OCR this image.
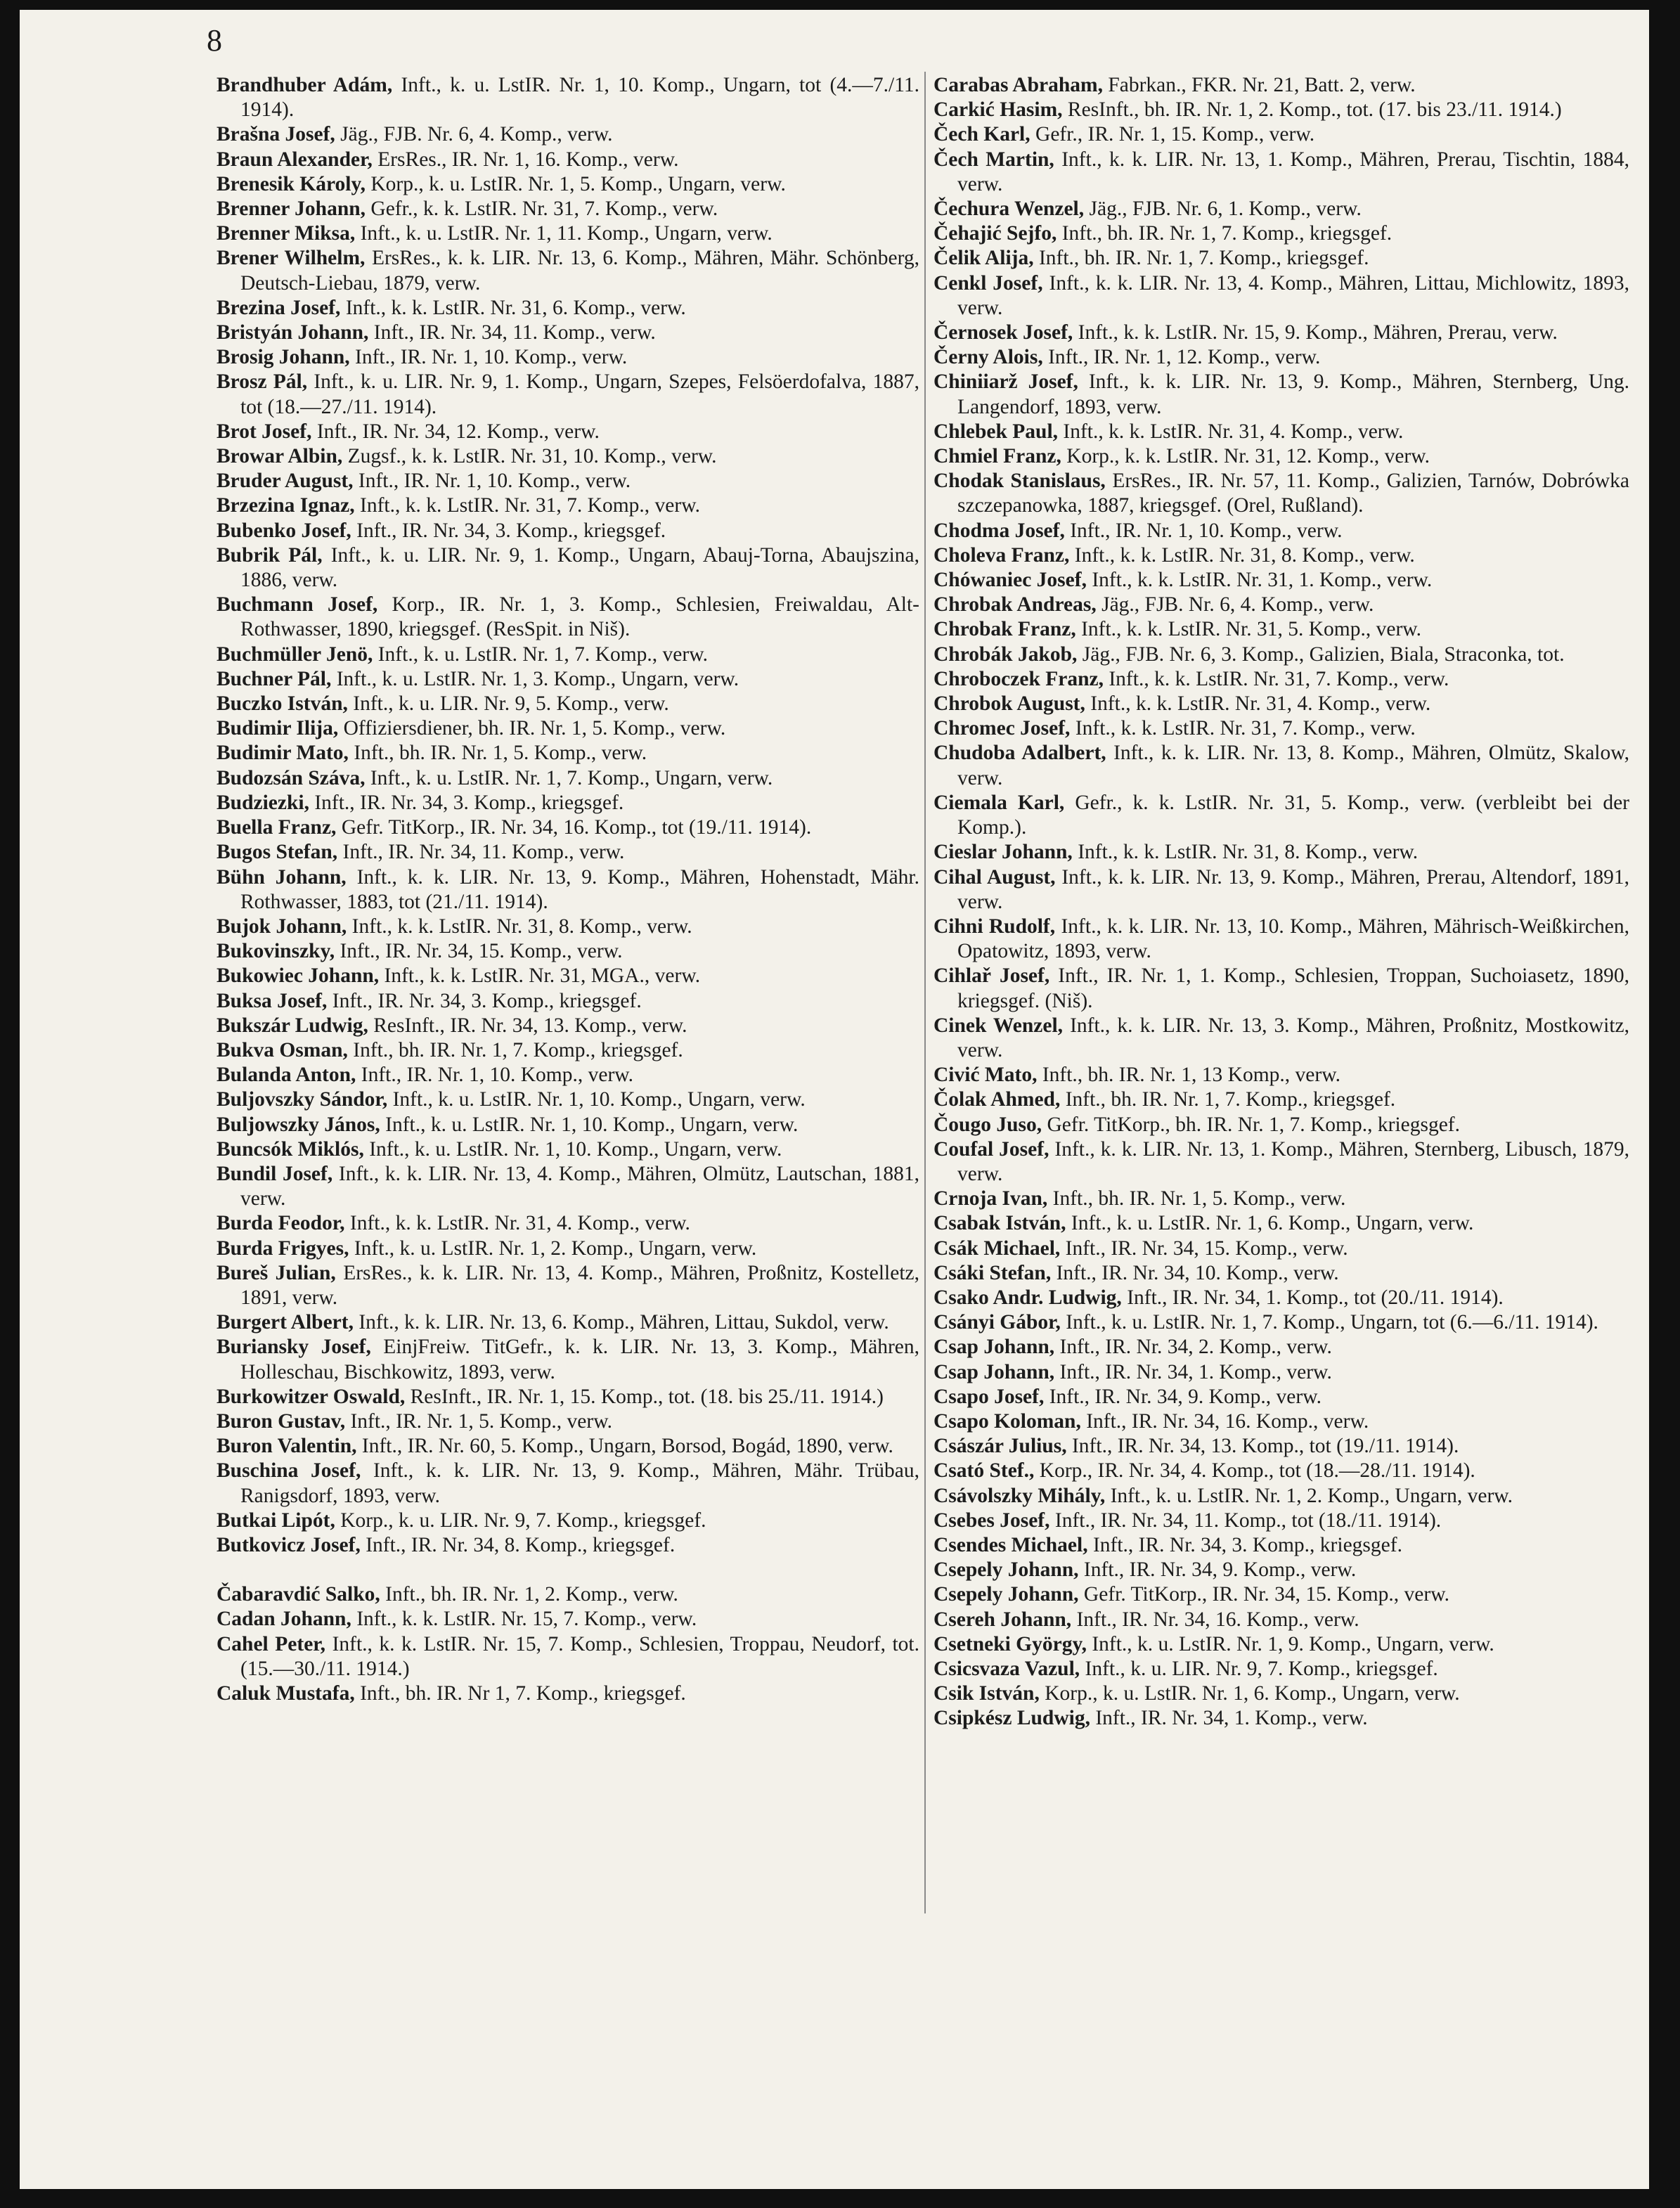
8

Brandhuber Adám, Inft., k. u. LstIR. Nr. 1, 10. Komp., Ungarn, tot (4.—7./11. 1914).

Brašna Josef, Jäg., FJB. Nr. 6, 4. Komp., verw.

Braun Alexander, ErsRes., IR. Nr. 1, 16. Komp., verw.

Brenesik Károly, Korp., k. u. LstIR. Nr. 1, 5. Komp., Ungarn, verw.

Brenner Johann, Gefr., k. k. LstIR. Nr. 31, 7. Komp., verw.

Brenner Miksa, Inft., k. u. LstIR. Nr. 1, 11. Komp., Ungarn, verw.

Brener Wilhelm, ErsRes., k. k. LIR. Nr. 13, 6. Komp., Mähren, Mähr. Schönberg, Deutsch-Liebau, 1879, verw.

Brezina Josef, Inft., k. k. LstIR. Nr. 31, 6. Komp., verw.

Bristyán Johann, Inft., IR. Nr. 34, 11. Komp., verw.

Brosig Johann, Inft., IR. Nr. 1, 10. Komp., verw.

Brosz Pál, Inft., k. u. LIR. Nr. 9, 1. Komp., Ungarn, Szepes, Felsöerdofalva, 1887, tot (18.—27./11. 1914).

Brot Josef, Inft., IR. Nr. 34, 12. Komp., verw.

Browar Albin, Zugsf., k. k. LstIR. Nr. 31, 10. Komp., verw.

Bruder August, Inft., IR. Nr. 1, 10. Komp., verw.

Brzezina Ignaz, Inft., k. k. LstIR. Nr. 31, 7. Komp., verw.

Bubenko Josef, Inft., IR. Nr. 34, 3. Komp., kriegsgef.

Bubrik Pál, Inft., k. u. LIR. Nr. 9, 1. Komp., Ungarn, Abauj-Torna, Abaujszina, 1886, verw.

Buchmann Josef, Korp., IR. Nr. 1, 3. Komp., Schlesien, Freiwaldau, Alt-Rothwasser, 1890, kriegsgef. (ResSpit. in Niš).

Buchmüller Jenö, Inft., k. u. LstIR. Nr. 1, 7. Komp., verw.

Buchner Pál, Inft., k. u. LstIR. Nr. 1, 3. Komp., Ungarn, verw.

Buczko István, Inft., k. u. LIR. Nr. 9, 5. Komp., verw.

Budimir Ilija, Offiziersdiener, bh. IR. Nr. 1, 5. Komp., verw.

Budimir Mato, Inft., bh. IR. Nr. 1, 5. Komp., verw.

Budozsán Száva, Inft., k. u. LstIR. Nr. 1, 7. Komp., Ungarn, verw.

Budziezki, Inft., IR. Nr. 34, 3. Komp., kriegsgef.

Buella Franz, Gefr. TitKorp., IR. Nr. 34, 16. Komp., tot (19./11. 1914).

Bugos Stefan, Inft., IR. Nr. 34, 11. Komp., verw.

Bühn Johann, Inft., k. k. LIR. Nr. 13, 9. Komp., Mähren, Hohenstadt, Mähr. Rothwasser, 1883, tot (21./11. 1914).

Bujok Johann, Inft., k. k. LstIR. Nr. 31, 8. Komp., verw.

Bukovinszky, Inft., IR. Nr. 34, 15. Komp., verw.

Bukowiec Johann, Inft., k. k. LstIR. Nr. 31, MGA., verw.

Buksa Josef, Inft., IR. Nr. 34, 3. Komp., kriegsgef.

Bukszár Ludwig, ResInft., IR. Nr. 34, 13. Komp., verw.

Bukva Osman, Inft., bh. IR. Nr. 1, 7. Komp., kriegsgef.

Bulanda Anton, Inft., IR. Nr. 1, 10. Komp., verw.

Buljovszky Sándor, Inft., k. u. LstIR. Nr. 1, 10. Komp., Ungarn, verw.

Buljowszky János, Inft., k. u. LstIR. Nr. 1, 10. Komp., Ungarn, verw.

Buncsók Miklós, Inft., k. u. LstIR. Nr. 1, 10. Komp., Ungarn, verw.

Bundil Josef, Inft., k. k. LIR. Nr. 13, 4. Komp., Mähren, Olmütz, Lautschan, 1881, verw.

Burda Feodor, Inft., k. k. LstIR. Nr. 31, 4. Komp., verw.

Burda Frigyes, Inft., k. u. LstIR. Nr. 1, 2. Komp., Ungarn, verw.

Bureš Julian, ErsRes., k. k. LIR. Nr. 13, 4. Komp., Mähren, Proßnitz, Kostelletz, 1891, verw.

Burgert Albert, Inft., k. k. LIR. Nr. 13, 6. Komp., Mähren, Littau, Sukdol, verw.

Buriansky Josef, EinjFreiw. TitGefr., k. k. LIR. Nr. 13, 3. Komp., Mähren, Holleschau, Bischkowitz, 1893, verw.

Burkowitzer Oswald, ResInft., IR. Nr. 1, 15. Komp., tot. (18. bis 25./11. 1914.)

Buron Gustav, Inft., IR. Nr. 1, 5. Komp., verw.

Buron Valentin, Inft., IR. Nr. 60, 5. Komp., Ungarn, Borsod, Bogád, 1890, verw.

Buschina Josef, Inft., k. k. LIR. Nr. 13, 9. Komp., Mähren, Mähr. Trübau, Ranigsdorf, 1893, verw.

Butkai Lipót, Korp., k. u. LIR. Nr. 9, 7. Komp., kriegsgef.

Butkovicz Josef, Inft., IR. Nr. 34, 8. Komp., kriegsgef.

Čabaravdić Salko, Inft., bh. IR. Nr. 1, 2. Komp., verw.

Cadan Johann, Inft., k. k. LstIR. Nr. 15, 7. Komp., verw.

Cahel Peter, Inft., k. k. LstIR. Nr. 15, 7. Komp., Schlesien, Troppau, Neudorf, tot. (15.—30./11. 1914.)

Caluk Mustafa, Inft., bh. IR. Nr 1, 7. Komp., kriegsgef.

Carabas Abraham, Fabrkan., FKR. Nr. 21, Batt. 2, verw.

Carkić Hasim, ResInft., bh. IR. Nr. 1, 2. Komp., tot. (17. bis 23./11. 1914.)

Čech Karl, Gefr., IR. Nr. 1, 15. Komp., verw.

Čech Martin, Inft., k. k. LIR. Nr. 13, 1. Komp., Mähren, Prerau, Tischtin, 1884, verw.

Čechura Wenzel, Jäg., FJB. Nr. 6, 1. Komp., verw.

Čehajić Sejfo, Inft., bh. IR. Nr. 1, 7. Komp., kriegsgef.

Čelik Alija, Inft., bh. IR. Nr. 1, 7. Komp., kriegsgef.

Cenkl Josef, Inft., k. k. LIR. Nr. 13, 4. Komp., Mähren, Littau, Michlowitz, 1893, verw.

Černosek Josef, Inft., k. k. LstIR. Nr. 15, 9. Komp., Mähren, Prerau, verw.

Černy Alois, Inft., IR. Nr. 1, 12. Komp., verw.

Chiniiarž Josef, Inft., k. k. LIR. Nr. 13, 9. Komp., Mähren, Sternberg, Ung. Langendorf, 1893, verw.

Chlebek Paul, Inft., k. k. LstIR. Nr. 31, 4. Komp., verw.

Chmiel Franz, Korp., k. k. LstIR. Nr. 31, 12. Komp., verw.

Chodak Stanislaus, ErsRes., IR. Nr. 57, 11. Komp., Galizien, Tarnów, Dobrówka szczepanowka, 1887, kriegsgef. (Orel, Rußland).

Chodma Josef, Inft., IR. Nr. 1, 10. Komp., verw.

Choleva Franz, Inft., k. k. LstIR. Nr. 31, 8. Komp., verw.

Chówaniec Josef, Inft., k. k. LstIR. Nr. 31, 1. Komp., verw.

Chrobak Andreas, Jäg., FJB. Nr. 6, 4. Komp., verw.

Chrobak Franz, Inft., k. k. LstIR. Nr. 31, 5. Komp., verw.

Chrobák Jakob, Jäg., FJB. Nr. 6, 3. Komp., Galizien, Biala, Straconka, tot.

Chroboczek Franz, Inft., k. k. LstIR. Nr. 31, 7. Komp., verw.

Chrobok August, Inft., k. k. LstIR. Nr. 31, 4. Komp., verw.

Chromec Josef, Inft., k. k. LstIR. Nr. 31, 7. Komp., verw.

Chudoba Adalbert, Inft., k. k. LIR. Nr. 13, 8. Komp., Mähren, Olmütz, Skalow, verw.

Ciemala Karl, Gefr., k. k. LstIR. Nr. 31, 5. Komp., verw. (verbleibt bei der Komp.).

Cieslar Johann, Inft., k. k. LstIR. Nr. 31, 8. Komp., verw.

Cihal August, Inft., k. k. LIR. Nr. 13, 9. Komp., Mähren, Prerau, Altendorf, 1891, verw.

Cihni Rudolf, Inft., k. k. LIR. Nr. 13, 10. Komp., Mähren, Mährisch-Weißkirchen, Opatowitz, 1893, verw.

Cihlař Josef, Inft., IR. Nr. 1, 1. Komp., Schlesien, Troppan, Suchoiasetz, 1890, kriegsgef. (Niš).

Cinek Wenzel, Inft., k. k. LIR. Nr. 13, 3. Komp., Mähren, Proßnitz, Mostkowitz, verw.

Civić Mato, Inft., bh. IR. Nr. 1, 13 Komp., verw.

Čolak Ahmed, Inft., bh. IR. Nr. 1, 7. Komp., kriegsgef.

Čougo Juso, Gefr. TitKorp., bh. IR. Nr. 1, 7. Komp., kriegsgef.

Coufal Josef, Inft., k. k. LIR. Nr. 13, 1. Komp., Mähren, Sternberg, Libusch, 1879, verw.

Crnoja Ivan, Inft., bh. IR. Nr. 1, 5. Komp., verw.

Csabak István, Inft., k. u. LstIR. Nr. 1, 6. Komp., Ungarn, verw.

Csák Michael, Inft., IR. Nr. 34, 15. Komp., verw.

Csáki Stefan, Inft., IR. Nr. 34, 10. Komp., verw.

Csako Andr. Ludwig, Inft., IR. Nr. 34, 1. Komp., tot (20./11. 1914).

Csányi Gábor, Inft., k. u. LstIR. Nr. 1, 7. Komp., Ungarn, tot (6.—6./11. 1914).

Csap Johann, Inft., IR. Nr. 34, 2. Komp., verw.

Csap Johann, Inft., IR. Nr. 34, 1. Komp., verw.

Csapo Josef, Inft., IR. Nr. 34, 9. Komp., verw.

Csapo Koloman, Inft., IR. Nr. 34, 16. Komp., verw.

Császár Julius, Inft., IR. Nr. 34, 13. Komp., tot (19./11. 1914).

Csató Stef., Korp., IR. Nr. 34, 4. Komp., tot (18.—28./11. 1914).

Csávolszky Mihály, Inft., k. u. LstIR. Nr. 1, 2. Komp., Ungarn, verw.

Csebes Josef, Inft., IR. Nr. 34, 11. Komp., tot (18./11. 1914).

Csendes Michael, Inft., IR. Nr. 34, 3. Komp., kriegsgef.

Csepely Johann, Inft., IR. Nr. 34, 9. Komp., verw.

Csepely Johann, Gefr. TitKorp., IR. Nr. 34, 15. Komp., verw.

Csereh Johann, Inft., IR. Nr. 34, 16. Komp., verw.

Csetneki György, Inft., k. u. LstIR. Nr. 1, 9. Komp., Ungarn, verw.

Csicsvaza Vazul, Inft., k. u. LIR. Nr. 9, 7. Komp., kriegsgef.

Csik István, Korp., k. u. LstIR. Nr. 1, 6. Komp., Ungarn, verw.

Csipkész Ludwig, Inft., IR. Nr. 34, 1. Komp., verw.
